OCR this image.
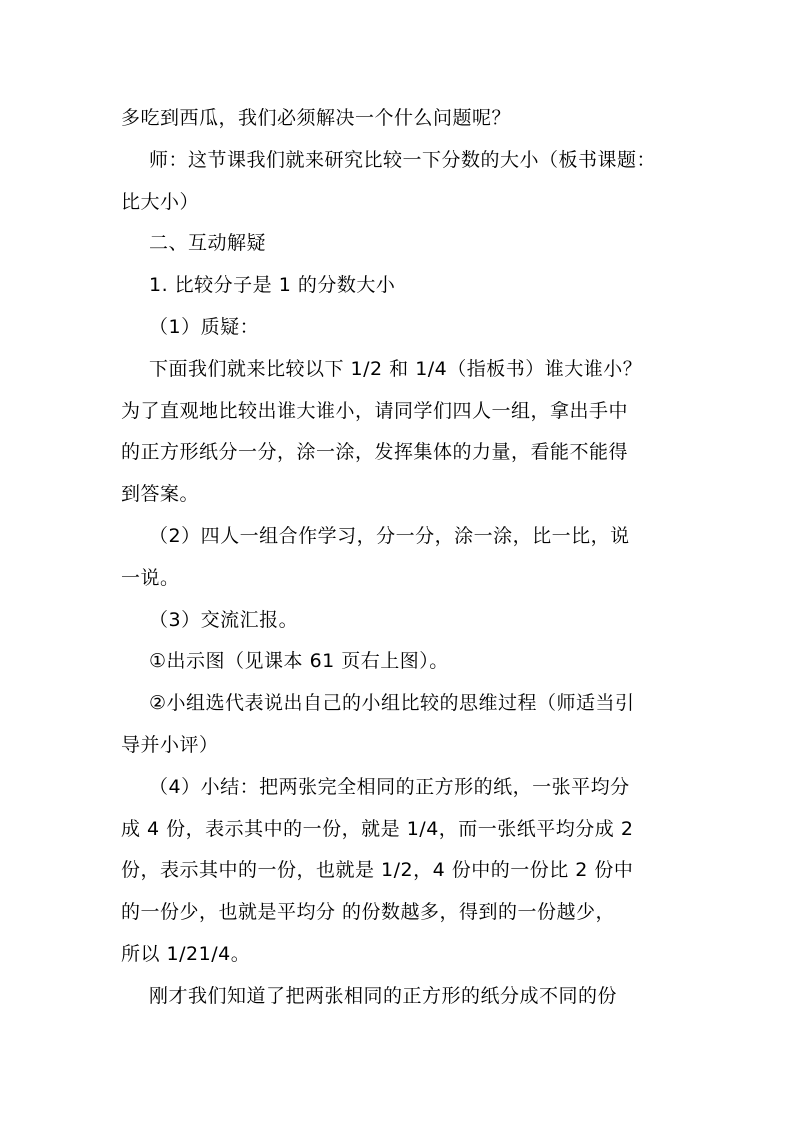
多吃到西瓜，我们必须解决一个什么问题呢？
师：这节课我们就来研究比较一下分数的大小（板书课题：
比大小）
二、互动解疑
1. 比较分子是 1 的分数大小
（1）质疑：
下面我们就来比较以下 1/2 和 1/4（指板书）谁大谁小？
为了直观地比较出谁大谁小，请同学们四人一组，拿出手中
的正方形纸分一分，涂一涂，发挥集体的力量，看能不能得
到答案。
（2）四人一组合作学习，分一分，涂一涂，比一比，说
一说。
（3）交流汇报。
①出示图（见课本 61 页右上图）。
②小组选代表说出自己的小组比较的思维过程（师适当引
导并小评）
（4）小结：把两张完全相同的正方形的纸，一张平均分
成 4 份，表示其中的一份，就是 1/4，而一张纸平均分成 2
份，表示其中的一份，也就是 1/2，4 份中的一份比 2 份中
的一份少，也就是平均分 的份数越多，得到的一份越少，
所以 1/21/4。
刚才我们知道了把两张相同的正方形的纸分成不同的份
